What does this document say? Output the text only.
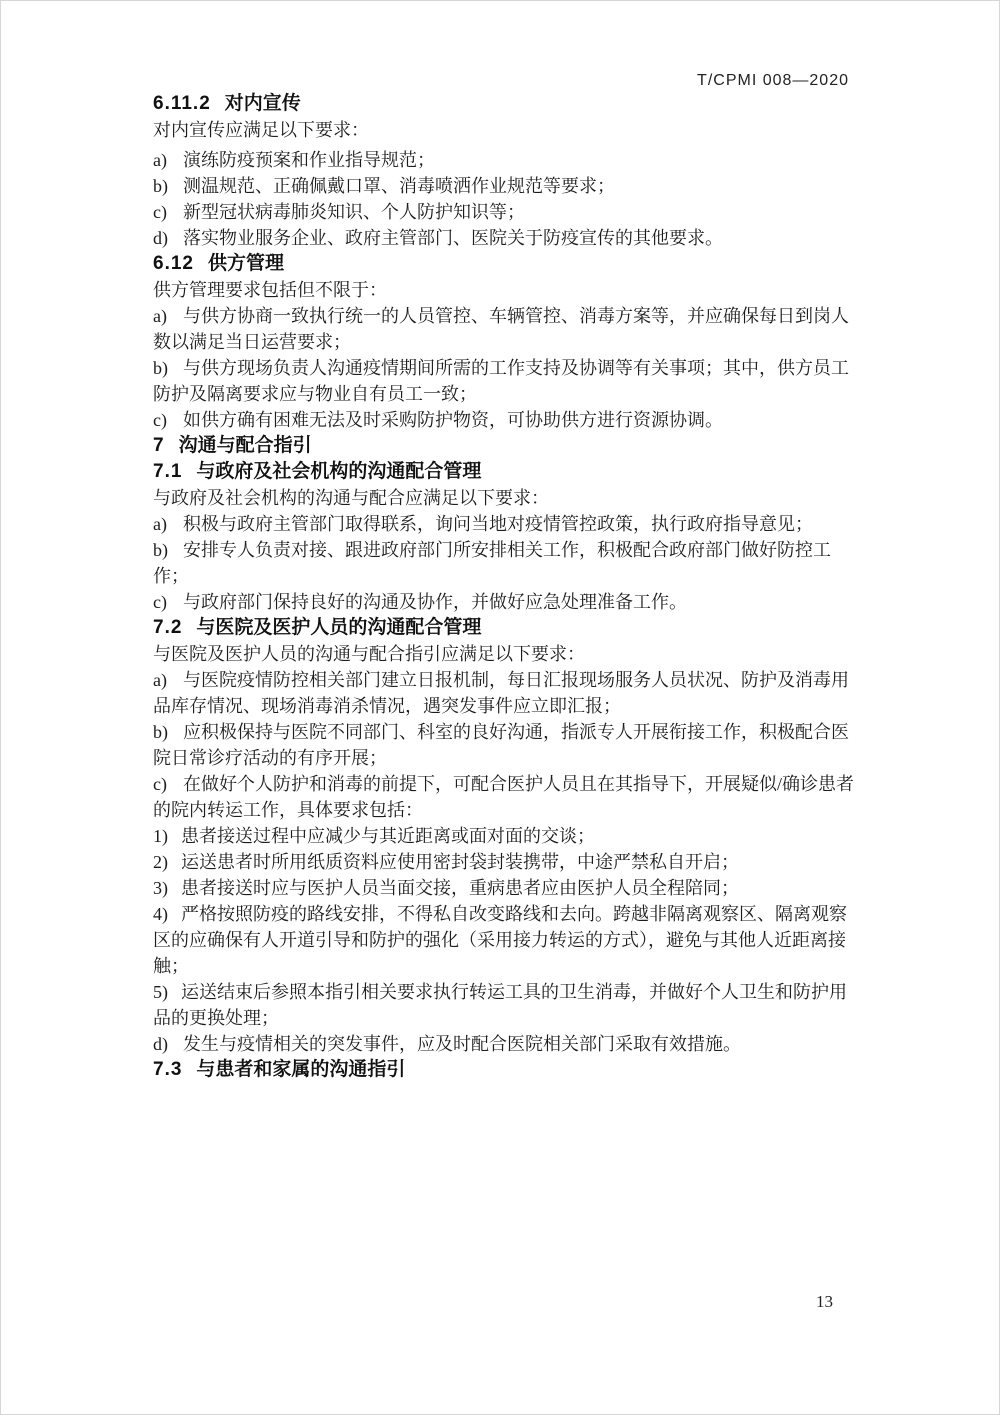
T/CPMI 008—2020
6.11.2 对内宣传

对内宣传应满足以下要求：

a) 演练防疫预案和作业指导规范；

b) 测温规范、正确佩戴口罩、消毒喷洒作业规范等要求；

c) 新型冠状病毒肺炎知识、个人防护知识等；

d) 落实物业服务企业、政府主管部门、医院关于防疫宣传的其他要求。

6.12 供方管理

供方管理要求包括但不限于：

a) 与供方协商一致执行统一的人员管控、车辆管控、消毒方案等，并应确保每日到岗人数以满足当日运营要求；

b) 与供方现场负责人沟通疫情期间所需的工作支持及协调等有关事项；其中，供方员工防护及隔离要求应与物业自有员工一致；

c) 如供方确有困难无法及时采购防护物资，可协助供方进行资源协调。

7 沟通与配合指引
7.1 与政府及社会机构的沟通配合管理

与政府及社会机构的沟通与配合应满足以下要求：

a) 积极与政府主管部门取得联系，询问当地对疫情管控政策，执行政府指导意见；

b) 安排专人负责对接、跟进政府部门所安排相关工作，积极配合政府部门做好防控工作；

c) 与政府部门保持良好的沟通及协作，并做好应急处理准备工作。

7.2 与医院及医护人员的沟通配合管理

与医院及医护人员的沟通与配合指引应满足以下要求：

a) 与医院疫情防控相关部门建立日报机制，每日汇报现场服务人员状况、防护及消毒用品库存情况、现场消毒消杀情况，遇突发事件应立即汇报；

b) 应积极保持与医院不同部门、科室的良好沟通，指派专人开展衔接工作，积极配合医院日常诊疗活动的有序开展；

c) 在做好个人防护和消毒的前提下，可配合医护人员且在其指导下，开展疑似/确诊患者的院内转运工作，具体要求包括：

1) 患者接送过程中应减少与其近距离或面对面的交谈；

2) 运送患者时所用纸质资料应使用密封袋封装携带，中途严禁私自开启；

3) 患者接送时应与医护人员当面交接，重病患者应由医护人员全程陪同；

4) 严格按照防疫的路线安排，不得私自改变路线和去向。跨越非隔离观察区、隔离观察区的应确保有人开道引导和防护的强化（采用接力转运的方式），避免与其他人近距离接触；

5) 运送结束后参照本指引相关要求执行转运工具的卫生消毒，并做好个人卫生和防护用品的更换处理；

d) 发生与疫情相关的突发事件，应及时配合医院相关部门采取有效措施。

7.3 与患者和家属的沟通指引
13
